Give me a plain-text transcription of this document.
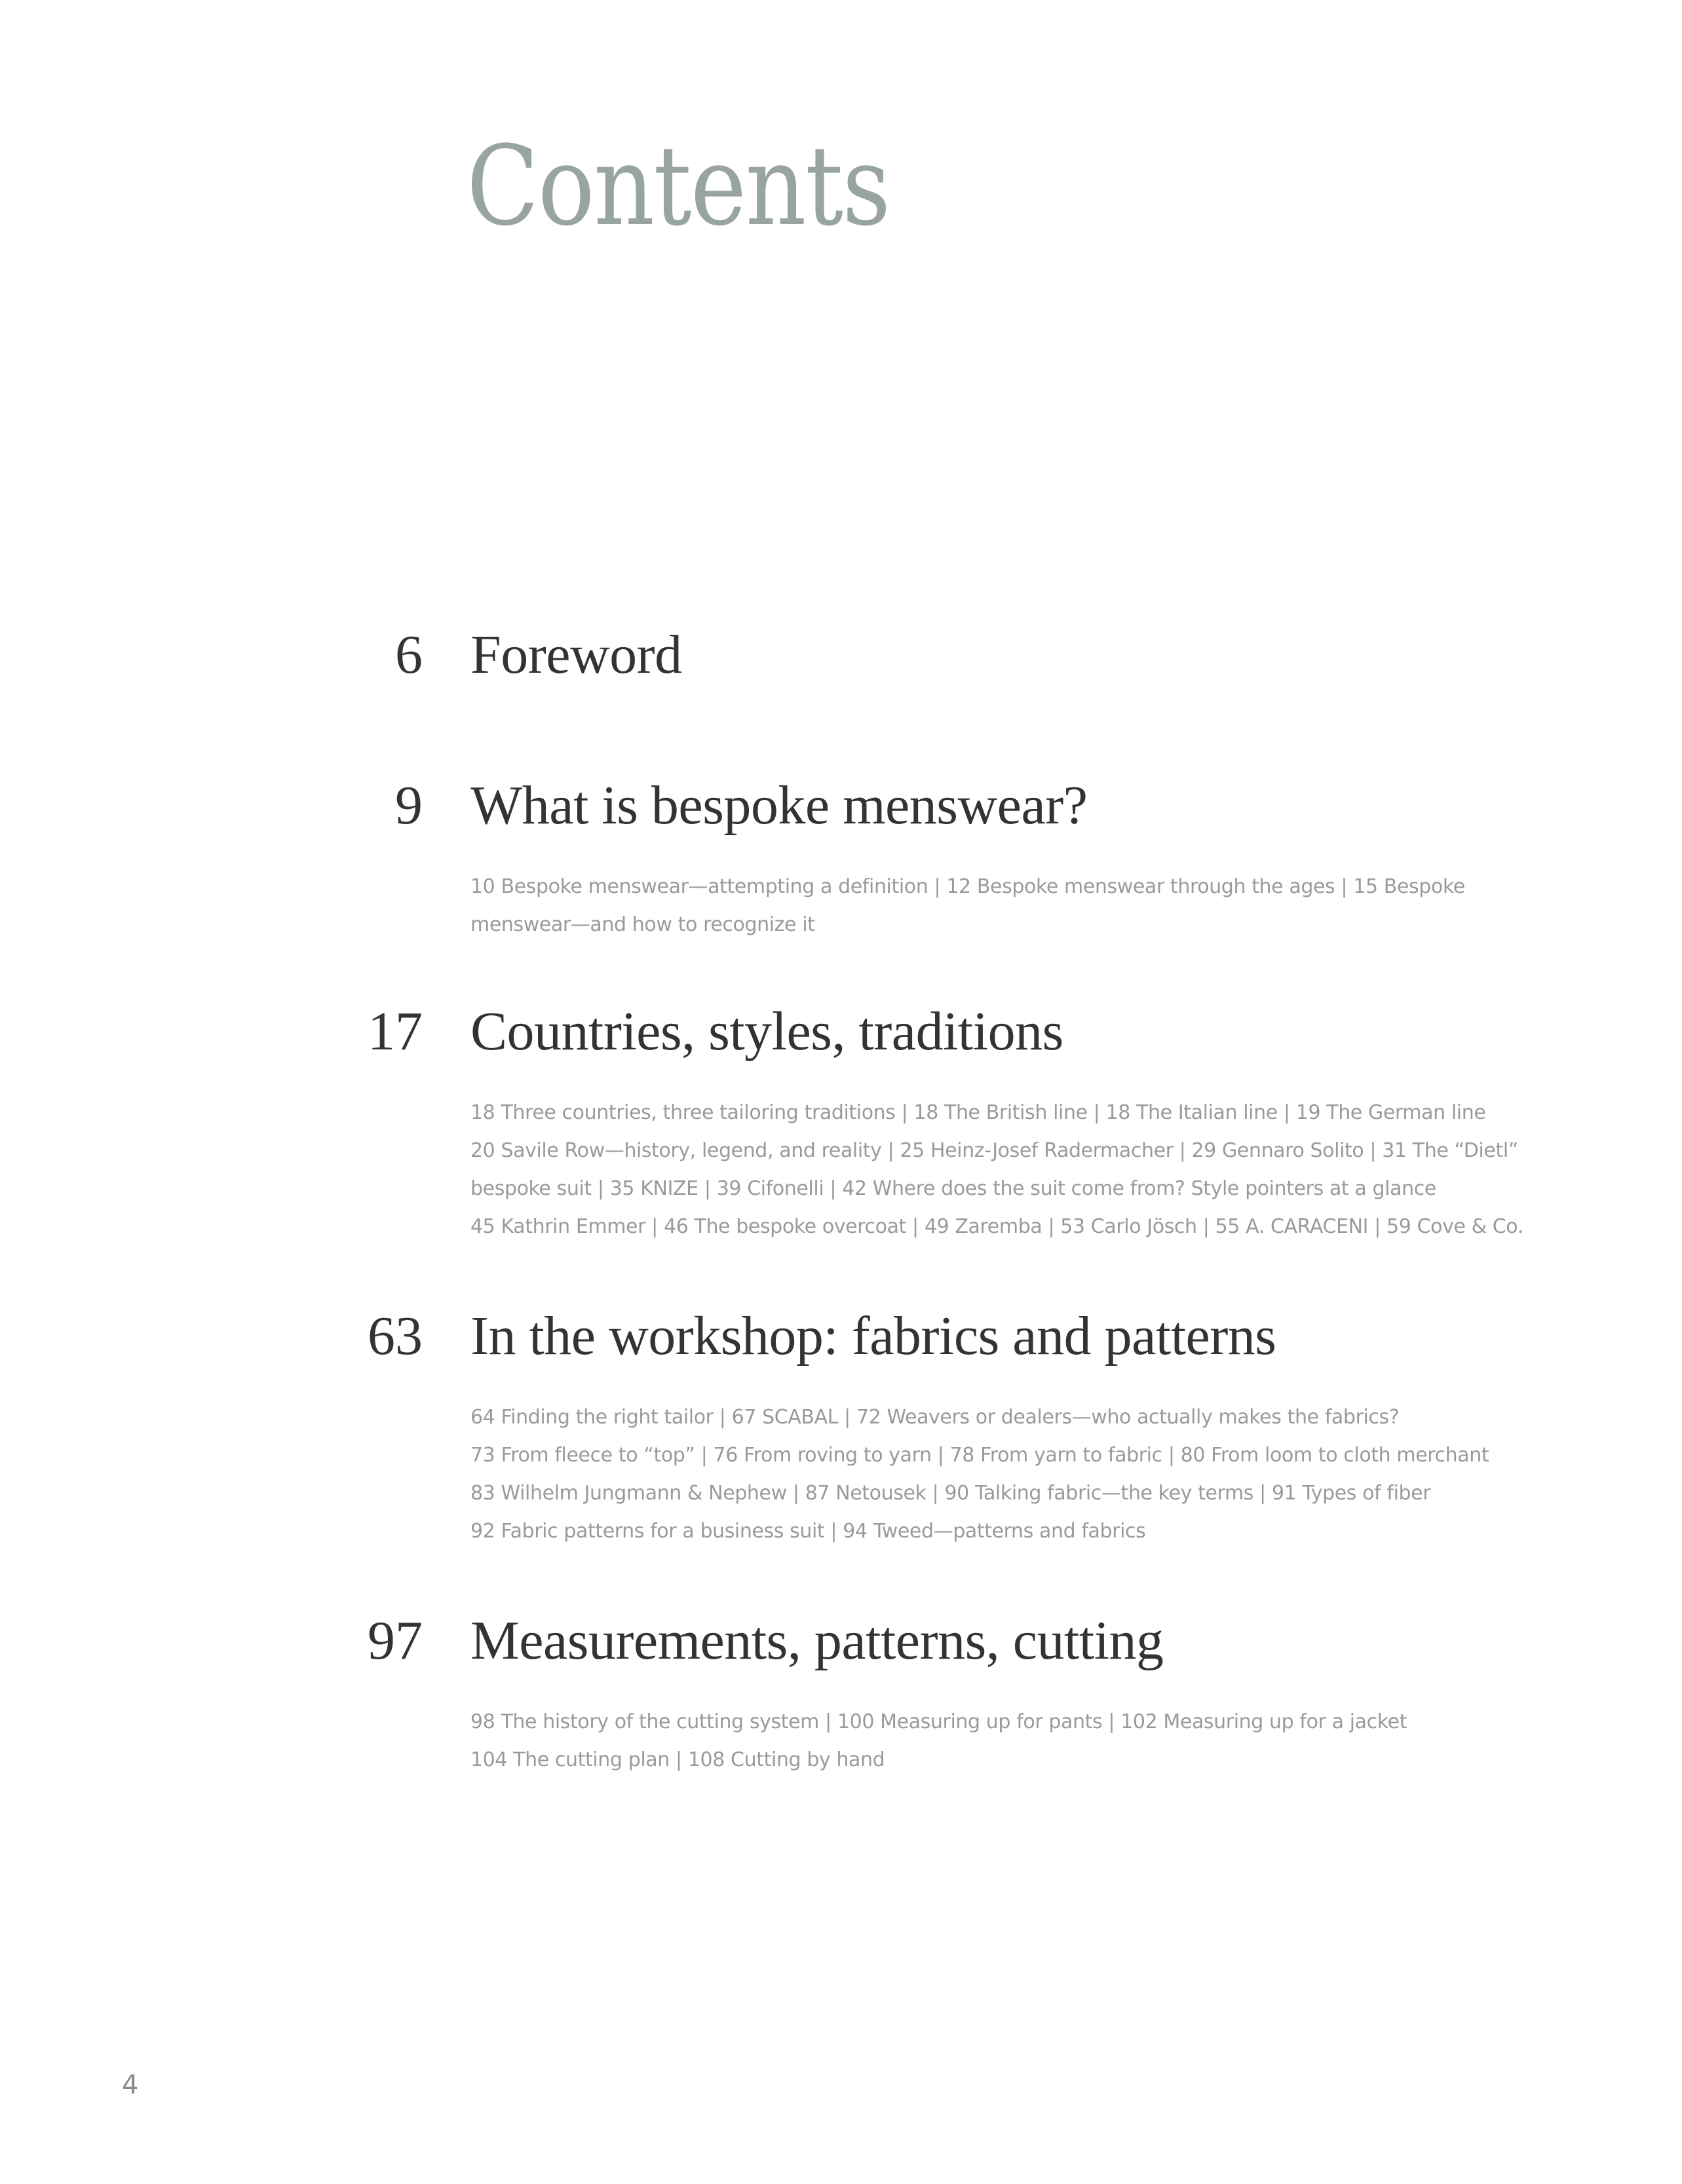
Contents
6 Foreword
9 What is bespoke menswear?
10 Bespoke menswear—attempting a definition | 12 Bespoke menswear through the ages | 15 Bespoke
menswear—and how to recognize it
17 Countries, styles, traditions
18 Three countries, three tailoring traditions | 18 The British line | 18 The Italian line | 19 The German line
20 Savile Row—history, legend, and reality | 25 Heinz-Josef Radermacher | 29 Gennaro Solito | 31 The “Dietl”
bespoke suit | 35 KNIZE | 39 Cifonelli | 42 Where does the suit come from? Style pointers at a glance
45 Kathrin Emmer | 46 The bespoke overcoat | 49 Zaremba | 53 Carlo Jösch | 55 A. CARACENI | 59 Cove & Co.
63 In the workshop: fabrics and patterns
64 Finding the right tailor | 67 SCABAL | 72 Weavers or dealers—who actually makes the fabrics?
73 From fleece to “top” | 76 From roving to yarn | 78 From yarn to fabric | 80 From loom to cloth merchant
83 Wilhelm Jungmann & Nephew | 87 Netousek | 90 Talking fabric—the key terms | 91 Types of fiber
92 Fabric patterns for a business suit | 94 Tweed—patterns and fabrics
97 Measurements, patterns, cutting
98 The history of the cutting system | 100 Measuring up for pants | 102 Measuring up for a jacket
104 The cutting plan | 108 Cutting by hand
4
